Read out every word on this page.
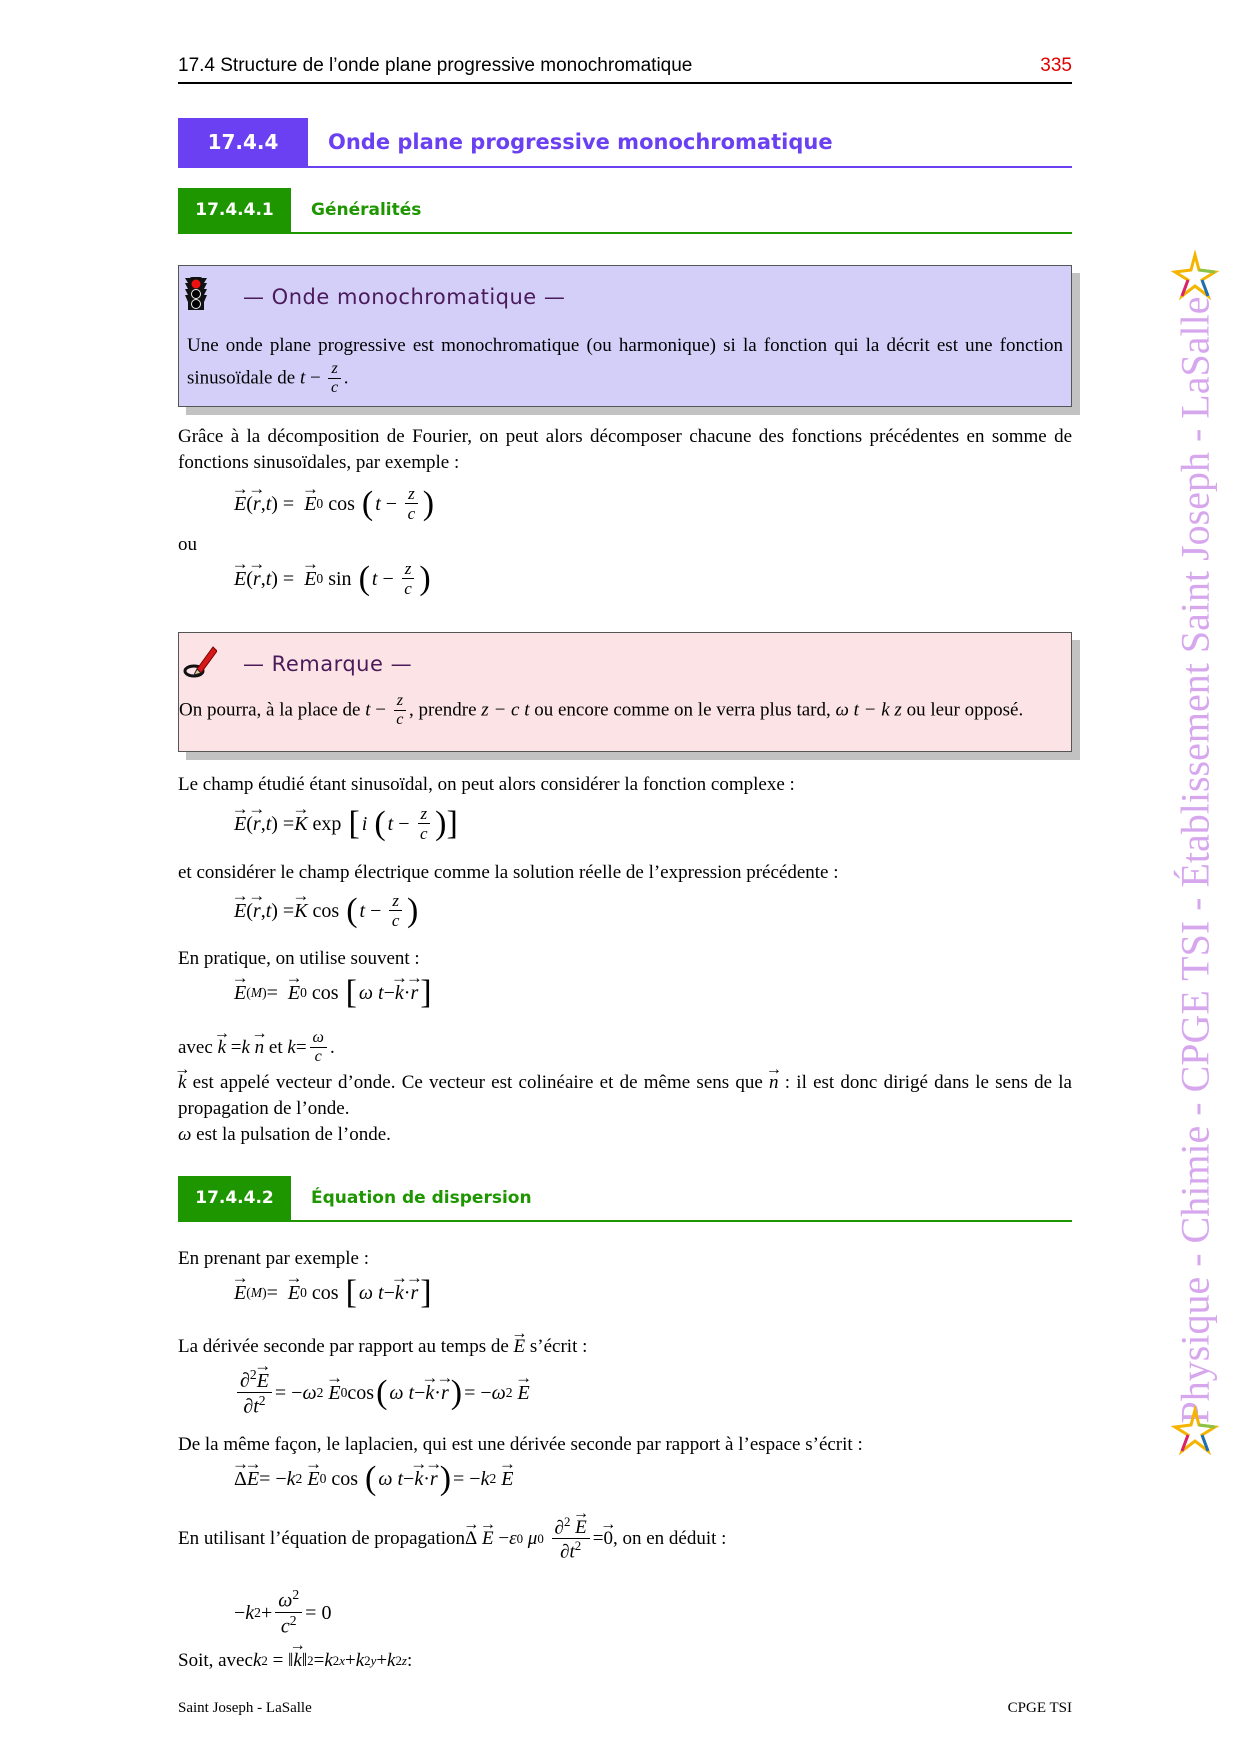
17.4 Structure de l’onde plane progressive monochromatique	335
17.4.4	Onde plane progressive monochromatique
17.4.4.1	Généralités
— Onde monochromatique —
Une onde plane progressive est monochromatique (ou harmonique) si la fonction qui la décrit est une fonction sinusoïdale de $t - \frac{z}{c}$ .

Grâce à la décomposition de Fourier, on peut alors décomposer chacune des fonctions précédentes en somme de fonctions sinusoïdales, par exemple :

→ E ( → r , t ) = → E 0
cos
( $t - \frac{z}{c}$ )

ou

→ E ( → r , t ) = → E 0
sin
( $t - \frac{z}{c}$ )
— Remarque —
On pourra, à la place de $t - \frac{z}{c}$ , prendre z − c t ou encore comme on le verra plus tard, ω t − k z ou leur opposé.

Le champ étudié étant sinusoïdal, on peut alors considérer la fonction complexe :

→ E ( → r , t ) = → K
exp
[ i
( $t - \frac{z}{c}$ )]

et considérer le champ électrique comme la solution réelle de l’expression précédente :

→ E ( → r , t ) = → K
cos
( $t - \frac{z}{c}$ )

En pratique, on utilise souvent :

→ E (M) = → E 0
cos
[ ω t − → k · → r ]
avec
→ k = k
→ n
et
$k = \frac{\omega}{c}$ .

→ k est appelé vecteur d’onde. Ce vecteur est colinéaire et de même sens que → n : il est donc dirigé dans le sens de la propagation de l’onde.

ω est la pulsation de l’onde.

17.4.4.2	Équation de dispersion

En prenant par exemple :

→ E (M) = → E 0
cos
[ ω t − → k · → r ]

La dérivée seconde par rapport au temps de → E s’écrit :

$\frac{\partial^2\to E}{\partial t^2}$ = − ω 2
→ E 0 cos ( ω t − → k · → r ) = − ω 2
→ E

De la même façon, le laplacien, qui est une dérivée seconde par rapport à l’espace s’écrit :

→ Δ → E = − k 2
→ E 0
cos
( ω t − → k · → r ) = − k 2
→ E
En utilisant l’équation de propagation → Δ
→ E − ε 0
μ 0
$\frac{\partial^2 \to E}{\partial t^2}$ = → 0 , on en déduit :
− k $2 + \frac{\omega^2}{c^2} = 0$
Soit, avec k 2 = ‖ → k ‖ 2 = k 2 x + k 2 y + k 2 z :
Saint Joseph - LaSalle	CPGE TSI
Physique - Chimie - CPGE TSI - Établissement Saint Joseph - LaSalle
